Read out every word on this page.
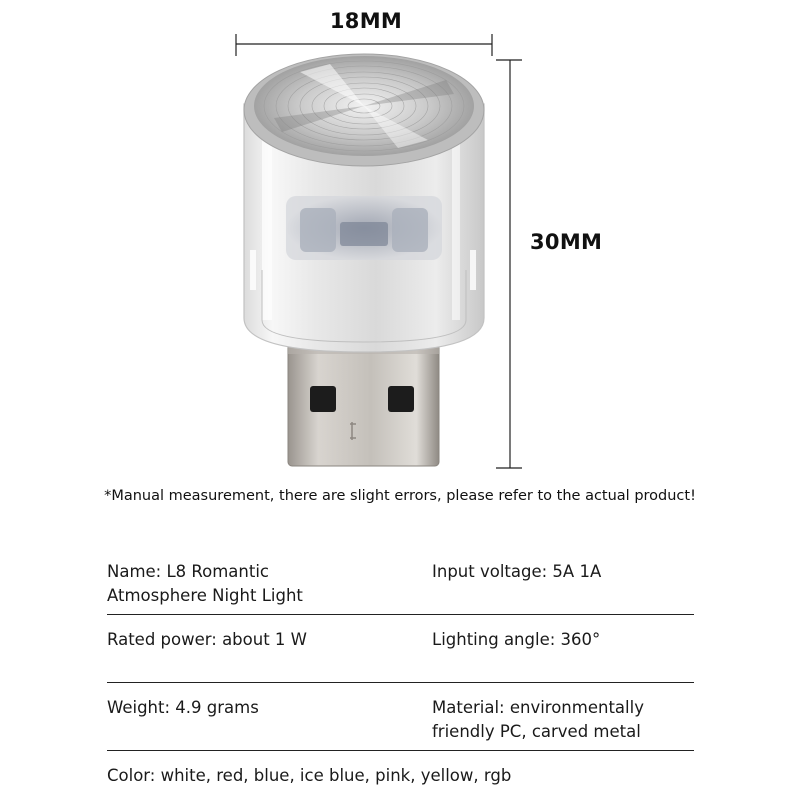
18MM
30MM
*Manual measurement, there are slight errors, please refer to the actual product!
Name: L8 Romantic
Atmosphere Night Light
Input voltage: 5A 1A
Rated power: about 1 W	Lighting angle: 360°
Weight: 4.9 grams	Material: environmentally
friendly PC, carved metal
Color: white, red, blue, ice blue, pink, yellow, rgb
